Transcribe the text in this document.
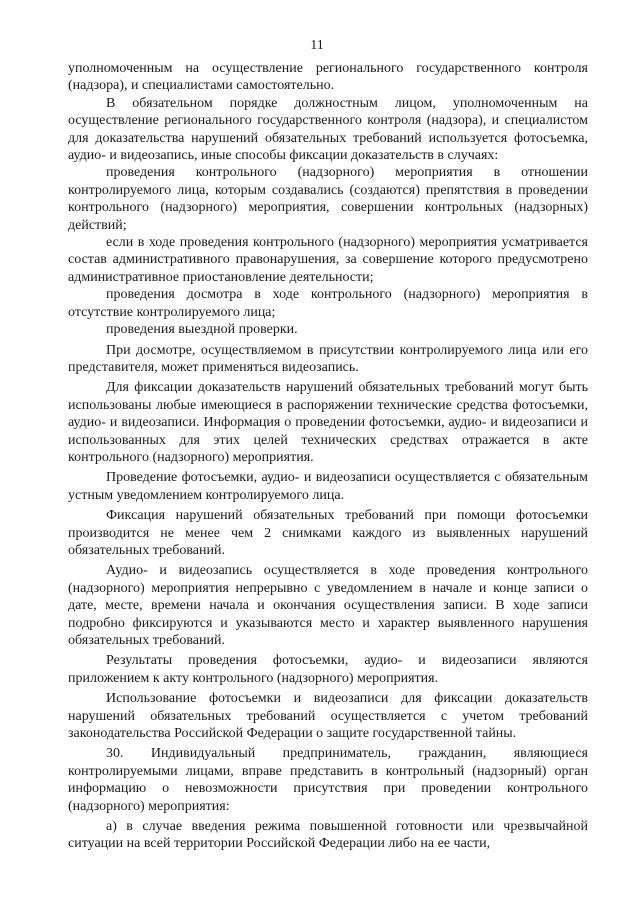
11

уполномоченным на осуществление регионального государственного контроля (надзора), и специалистами самостоятельно.

В обязательном порядке должностным лицом, уполномоченным на осуществление регионального государственного контроля (надзора), и специалистом для доказательства нарушений обязательных требований используется фотосъемка, аудио- и видеозапись, иные способы фиксации доказательств в случаях:

проведения контрольного (надзорного) мероприятия в отношении контролируемого лица, которым создавались (создаются) препятствия в проведении контрольного (надзорного) мероприятия, совершении контрольных (надзорных) действий;

если в ходе проведения контрольного (надзорного) мероприятия усматривается состав административного правонарушения, за совершение которого предусмотрено административное приостановление деятельности;

проведения досмотра в ходе контрольного (надзорного) мероприятия в отсутствие контролируемого лица;

проведения выездной проверки.

При досмотре, осуществляемом в присутствии контролируемого лица или его представителя, может применяться видеозапись.

Для фиксации доказательств нарушений обязательных требований могут быть использованы любые имеющиеся в распоряжении технические средства фотосъемки, аудио- и видеозаписи. Информация о проведении фотосъемки, аудио- и видеозаписи и использованных для этих целей технических средствах отражается в акте контрольного (надзорного) мероприятия.

Проведение фотосъемки, аудио- и видеозаписи осуществляется с обязательным устным уведомлением контролируемого лица.

Фиксация нарушений обязательных требований при помощи фотосъемки производится не менее чем 2 снимками каждого из выявленных нарушений обязательных требований.

Аудио- и видеозапись осуществляется в ходе проведения контрольного (надзорного) мероприятия непрерывно с уведомлением в начале и конце записи о дате, месте, времени начала и окончания осуществления записи. В ходе записи подробно фиксируются и указываются место и характер выявленного нарушения обязательных требований.

Результаты проведения фотосъемки, аудио- и видеозаписи являются приложением к акту контрольного (надзорного) мероприятия.

Использование фотосъемки и видеозаписи для фиксации доказательств нарушений обязательных требований осуществляется с учетом требований законодательства Российской Федерации о защите государственной тайны.

30. Индивидуальный предприниматель, гражданин, являющиеся контролируемыми лицами, вправе представить в контрольный (надзорный) орган информацию о невозможности присутствия при проведении контрольного (надзорного) мероприятия:

а) в случае введения режима повышенной готовности или чрезвычайной ситуации на всей территории Российской Федерации либо на ее части,
